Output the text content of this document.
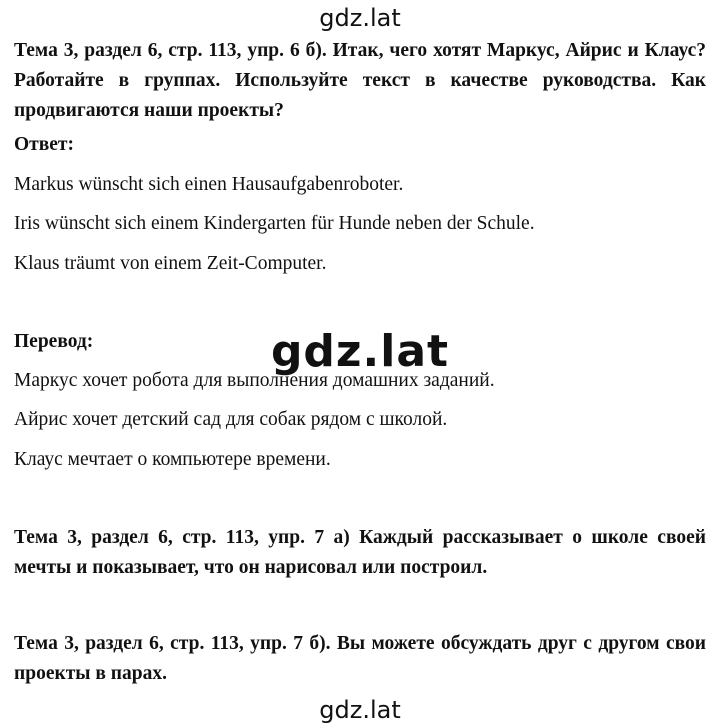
gdz.lat

Тема 3, раздел 6, стр. 113, упр. 6 б). Итак, чего хотят Маркус, Айрис и Клаус? Работайте в группах. Используйте текст в качестве руководства. Как продвигаются наши проекты?

Ответ:

Markus wünscht sich einen Hausaufgabenroboter.

Iris wünscht sich einem Kindergarten für Hunde neben der Schule.

Klaus träumt von einem Zeit-Computer.

Перевод:

Маркус хочет робота для выполнения домашних заданий.

Айрис хочет детский сад для собак рядом с школой.

Клаус мечтает о компьютере времени.

gdz.lat

Тема 3, раздел 6, стр. 113, упр. 7 а) Каждый рассказывает о школе своей мечты и показывает, что он нарисовал или построил.

Тема 3, раздел 6, стр. 113, упр. 7 б). Вы можете обсуждать друг с другом свои проекты в парах.

gdz.lat
